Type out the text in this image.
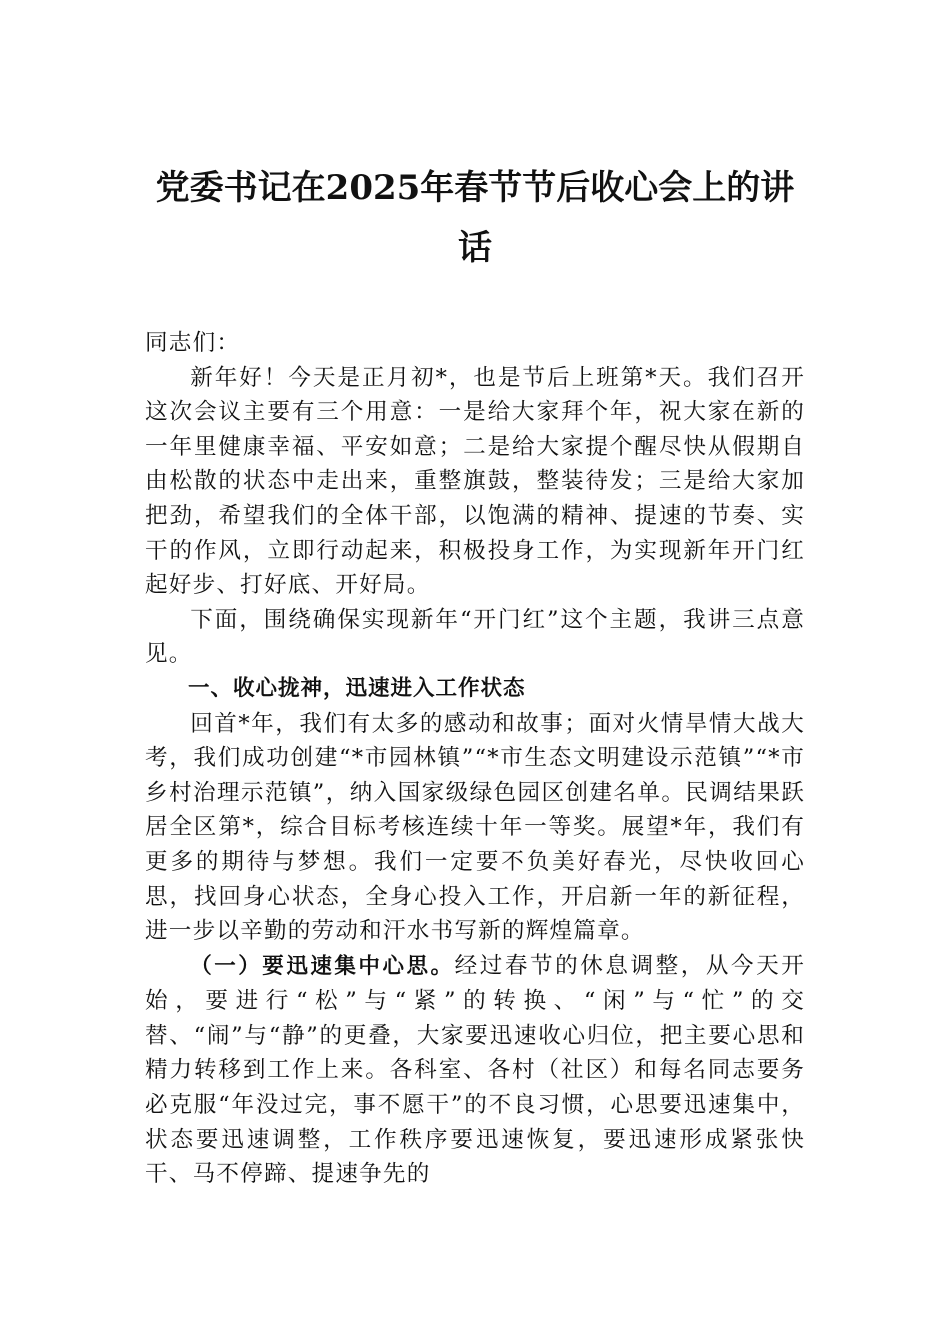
党委书记在2025年春节节后收心会上的讲
话

同志们：

新年好！今天是正月初*，也是节后上班第*天。我们召开这次会议主要有三个用意：一是给大家拜个年，祝大家在新的一年里健康幸福、平安如意；二是给大家提个醒尽快从假期自由松散的状态中走出来，重整旗鼓，整装待发；三是给大家加把劲，希望我们的全体干部，以饱满的精神、提速的节奏、实干的作风，立即行动起来，积极投身工作，为实现新年开门红起好步、打好底、开好局。

下面，围绕确保实现新年“开门红”这个主题，我讲三点意见。

一、收心拢神，迅速进入工作状态

回首*年，我们有太多的感动和故事；面对火情旱情大战大考，我们成功创建“*市园林镇”“*市生态文明建设示范镇”“*市乡村治理示范镇”，纳入国家级绿色园区创建名单。民调结果跃居全区第*，综合目标考核连续十年一等奖。展望*年，我们有更多的期待与梦想。我们一定要不负美好春光，尽快收回心思，找回身心状态，全身心投入工作，开启新一年的新征程，进一步以辛勤的劳动和汗水书写新的辉煌篇章。

（一）要迅速集中心思。经过春节的休息调整，从今天开始，要进行“松”与“紧”的转换、“闲”与“忙”的交替、“闹”与“静”的更叠，大家要迅速收心归位，把主要心思和精力转移到工作上来。各科室、各村（社区）和每名同志要务必克服“年没过完，事不愿干”的不良习惯，心思要迅速集中，状态要迅速调整，工作秩序要迅速恢复，要迅速形成紧张快干、马不停蹄、提速争先的
